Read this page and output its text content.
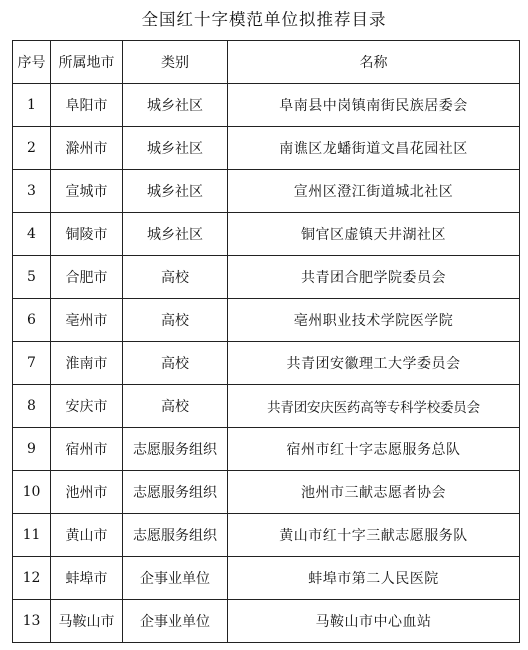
全国红十字模范单位拟推荐目录
序号	所属地市	类别	名称
1	阜阳市	城乡社区	阜南县中岗镇南街民族居委会
2	滁州市	城乡社区	南谯区龙蟠街道文昌花园社区
3	宣城市	城乡社区	宣州区澄江街道城北社区
4	铜陵市	城乡社区	铜官区虚镇天井湖社区
5	合肥市	高校	共青团合肥学院委员会
6	亳州市	高校	亳州职业技术学院医学院
7	淮南市	高校	共青团安徽理工大学委员会
8	安庆市	高校	共青团安庆医药高等专科学校委员会
9	宿州市	志愿服务组织	宿州市红十字志愿服务总队
10	池州市	志愿服务组织	池州市三献志愿者协会
11	黄山市	志愿服务组织	黄山市红十字三献志愿服务队
12	蚌埠市	企事业单位	蚌埠市第二人民医院
13	马鞍山市	企事业单位	马鞍山市中心血站
